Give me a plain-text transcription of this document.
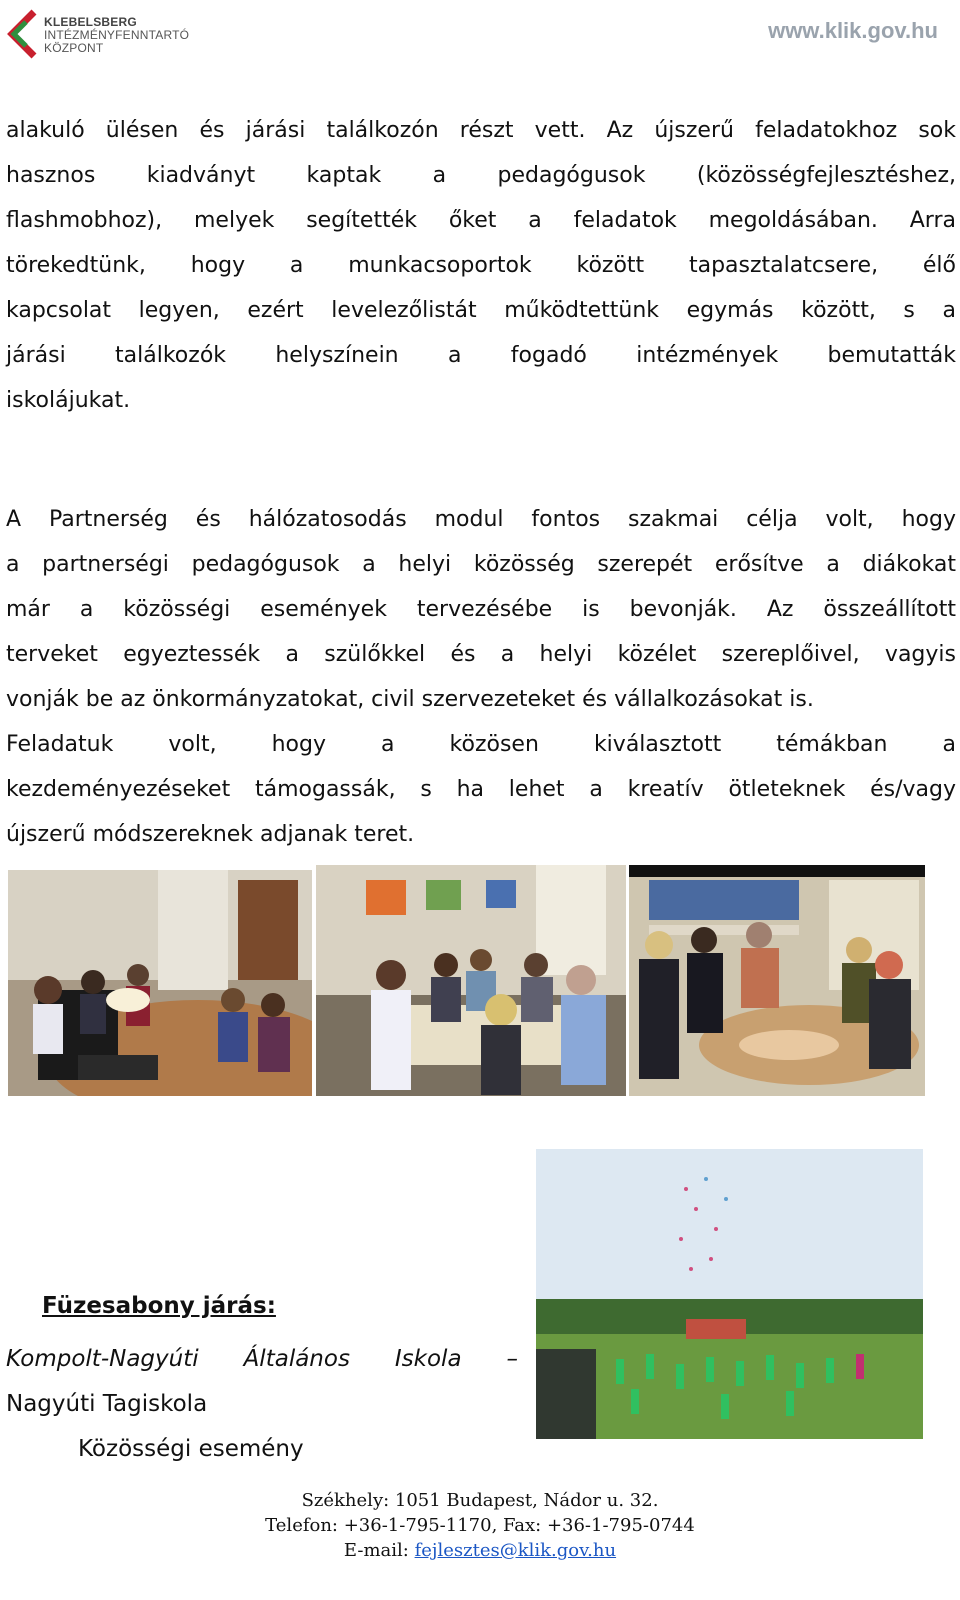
KLEBELSBERG
INTÉZMÉNYFENNTARTÓ
KÖZPONT
www.klik.gov.hu
alakuló ülésen és járási találkozón részt vett. Az újszerű feladatokhoz sok
hasznos kiadványt kaptak a pedagógusok (közösségfejlesztéshez,
flashmobhoz), melyek segítették őket a feladatok megoldásában. Arra
törekedtünk, hogy a munkacsoportok között tapasztalatcsere, élő
kapcsolat legyen, ezért levelezőlistát működtettünk egymás között, s a
járási találkozók helyszínein a fogadó intézmények bemutatták
iskolájukat.
A Partnerség és hálózatosodás modul fontos szakmai célja volt, hogy
a partnerségi pedagógusok a helyi közösség szerepét erősítve a diákokat
már a közösségi események tervezésébe is bevonják. Az összeállított
terveket egyeztessék a szülőkkel és a helyi közélet szereplőivel, vagyis
vonják be az önkormányzatokat, civil szervezeteket és vállalkozásokat is.
Feladatuk volt, hogy a közösen kiválasztott témákban a
kezdeményezéseket támogassák, s ha lehet a kreatív ötleteknek és/vagy
újszerű módszereknek adjanak teret.
Füzesabony járás:
Kompolt-Nagyúti Általános Iskola –
Nagyúti Tagiskola
Közösségi esemény
Székhely: 1051 Budapest, Nádor u. 32.
Telefon: +36-1-795-1170, Fax: +36-1-795-0744
E-mail: fejlesztes@klik.gov.hu
